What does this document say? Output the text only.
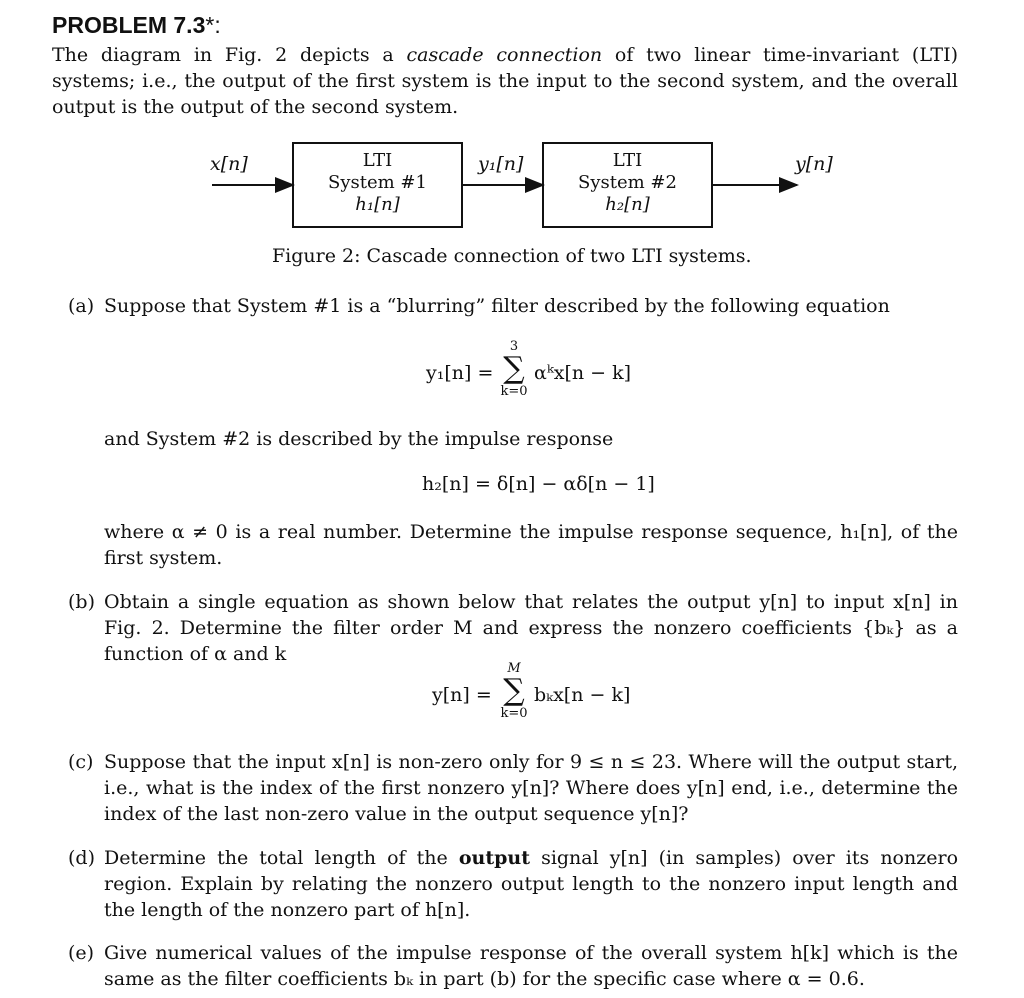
PROBLEM 7.3*:
The diagram in Fig. 2 depicts a cascade connection of two linear time-invariant (LTI) systems; i.e., the output of the first system is the input to the second system, and the overall output is the output of the second system.
x[n]	y₁[n]	y[n]
LTI
System #1
h₁[n]
LTI
System #2
h₂[n]
Figure 2: Cascade connection of two LTI systems.
(a) Suppose that System #1 is a “blurring” filter described by the following equation
y₁[n] =
3
∑
k=0
αᵏx[n − k]
and System #2 is described by the impulse response
h₂[n] = δ[n] − αδ[n − 1]
where α ≠ 0 is a real number. Determine the impulse response sequence, h₁[n], of the first system.
(b) Obtain a single equation as shown below that relates the output y[n] to input x[n] in Fig. 2. Determine the filter order M and express the nonzero coefficients {bₖ} as a function of α and k
y[n] =
M
∑
k=0
bₖx[n − k]
(c) Suppose that the input x[n] is non-zero only for 9 ≤ n ≤ 23. Where will the output start, i.e., what is the index of the first nonzero y[n]? Where does y[n] end, i.e., determine the index of the last non-zero value in the output sequence y[n]?
(d) Determine the total length of the output signal y[n] (in samples) over its nonzero region. Explain by relating the nonzero output length to the nonzero input length and the length of the nonzero part of h[n].
(e) Give numerical values of the impulse response of the overall system h[k] which is the same as the filter coefficients bₖ in part (b) for the specific case where α = 0.6.
